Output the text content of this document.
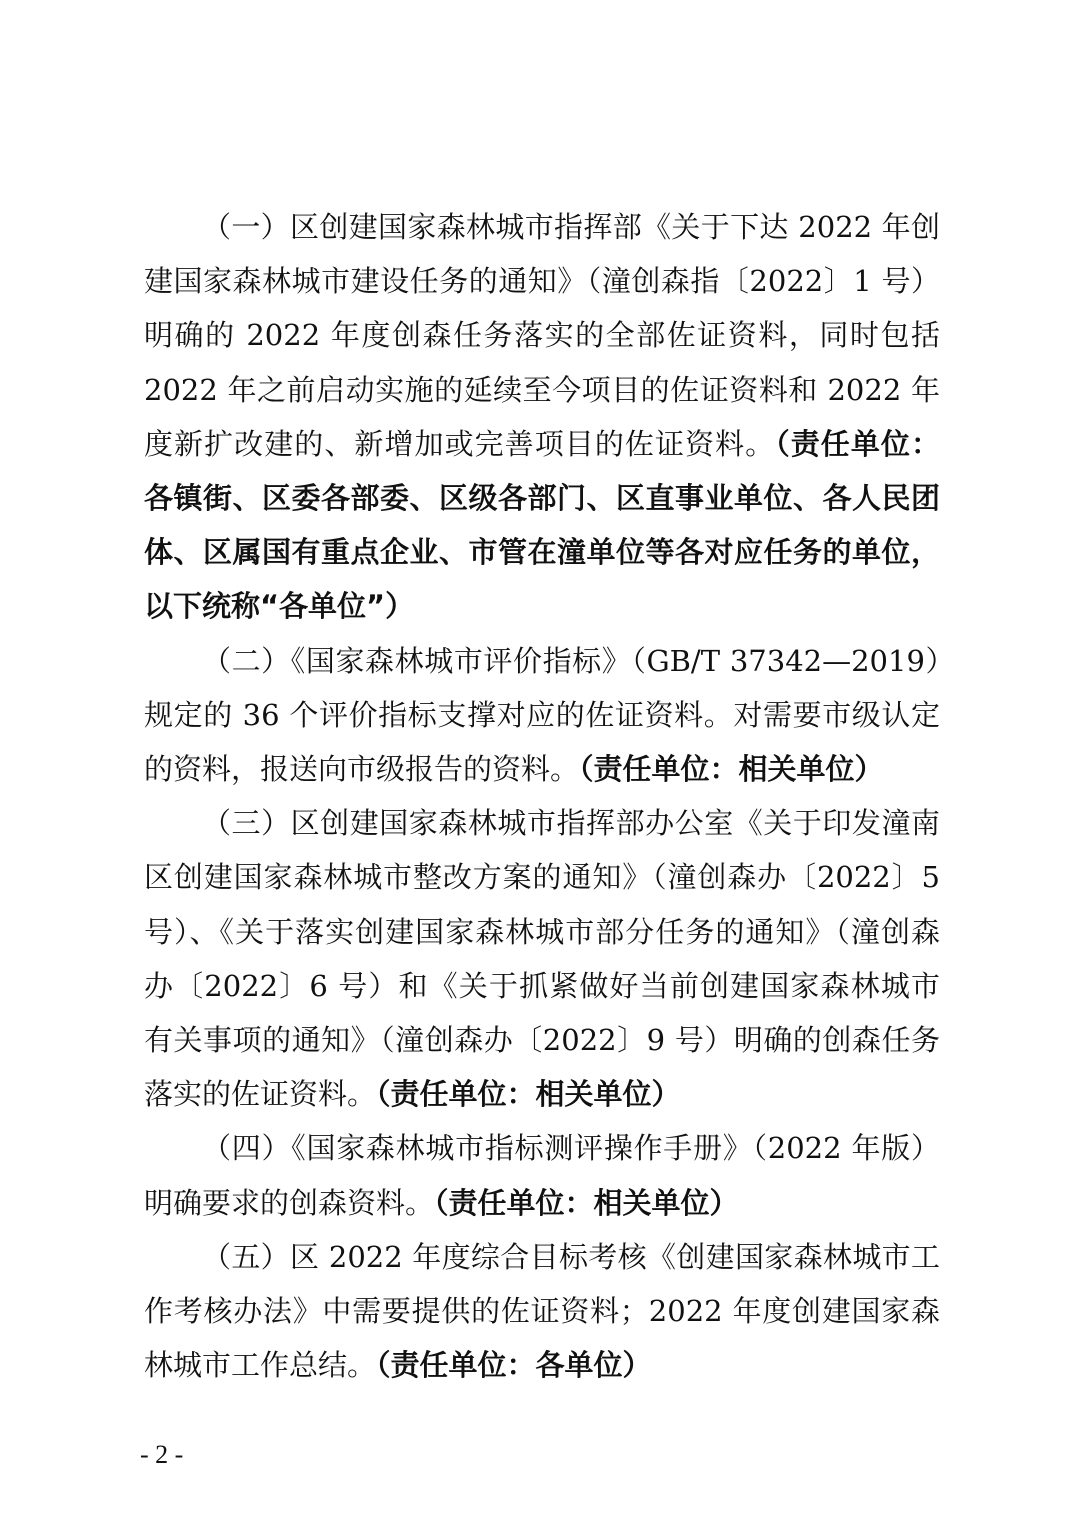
（一）区创建国家森林城市指挥部《关于下达 2022 年创建国家森林城市建设任务的通知》（潼创森指〔2022〕1 号）明确的 2022 年度创森任务落实的全部佐证资料，同时包括 2022 年之前启动实施的延续至今项目的佐证资料和 2022 年度新扩改建的、新增加或完善项目的佐证资料。（责任单位：各镇街、区委各部委、区级各部门、区直事业单位、各人民团体、区属国有重点企业、市管在潼单位等各对应任务的单位，以下统称“各单位”）

（二）《国家森林城市评价指标》（GB/T 37342—2019）规定的 36 个评价指标支撑对应的佐证资料。对需要市级认定的资料，报送向市级报告的资料。（责任单位：相关单位）

（三）区创建国家森林城市指挥部办公室《关于印发潼南区创建国家森林城市整改方案的通知》（潼创森办〔2022〕5 号）、《关于落实创建国家森林城市部分任务的通知》（潼创森办〔2022〕6 号）和《关于抓紧做好当前创建国家森林城市有关事项的通知》（潼创森办〔2022〕9 号）明确的创森任务落实的佐证资料。（责任单位：相关单位）

（四）《国家森林城市指标测评操作手册》（2022 年版）明确要求的创森资料。（责任单位：相关单位）

（五）区 2022 年度综合目标考核《创建国家森林城市工作考核办法》中需要提供的佐证资料；2022 年度创建国家森林城市工作总结。（责任单位：各单位）

- 2 -
